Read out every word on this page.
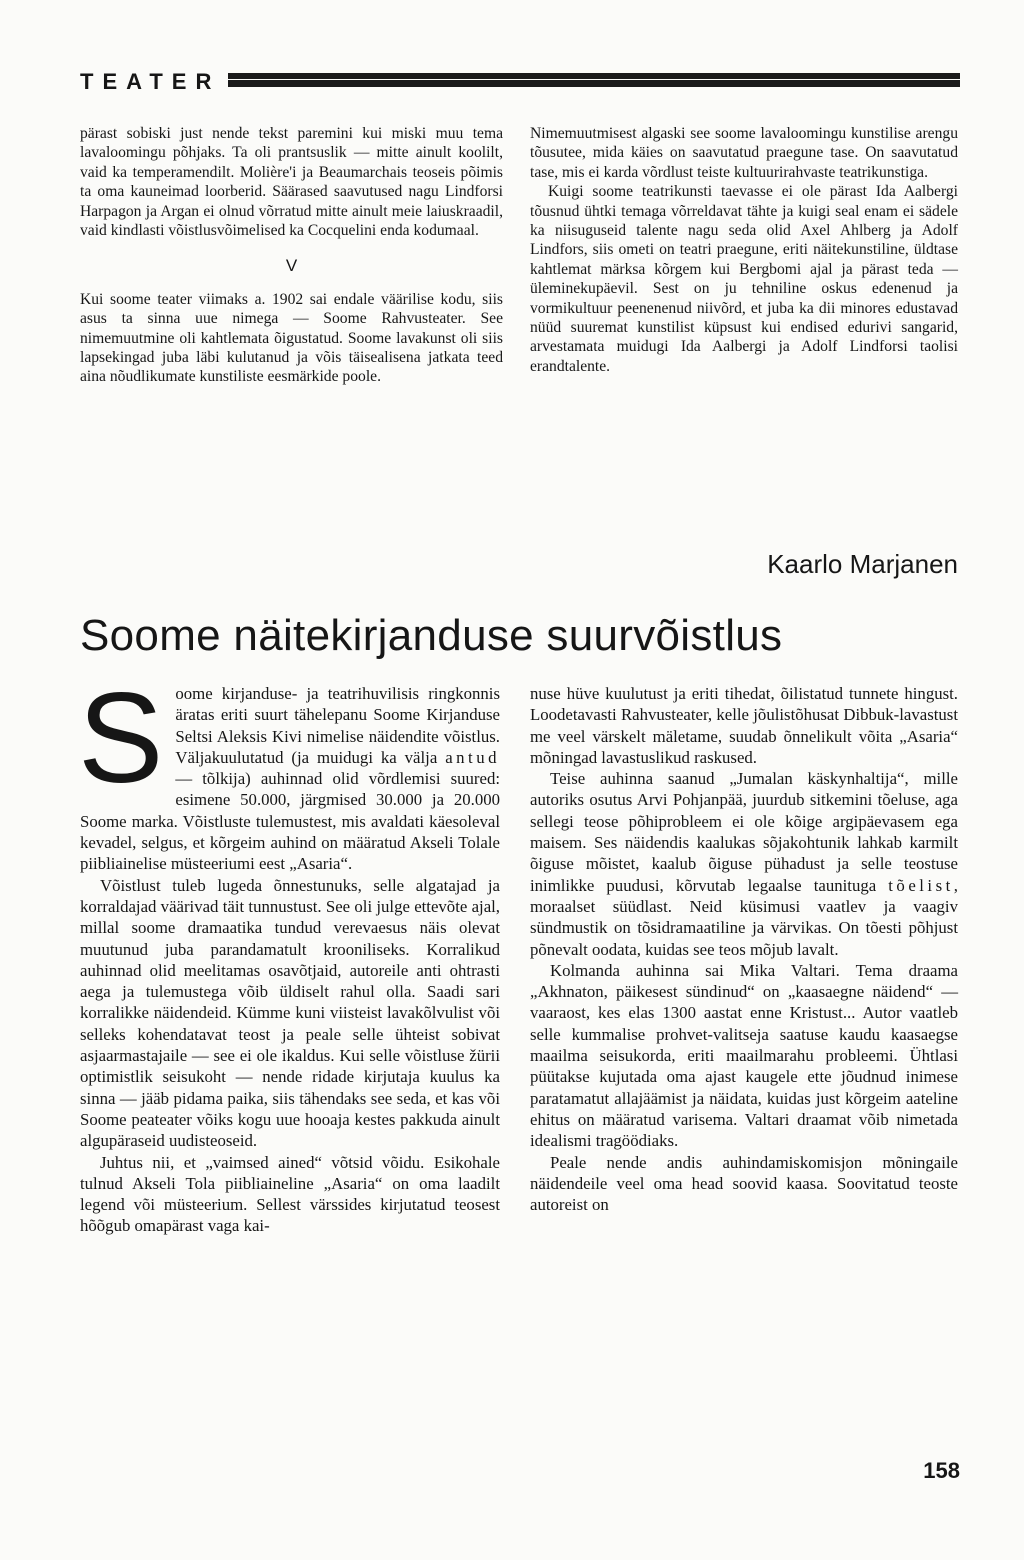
TEATER

pärast sobiski just nende tekst paremini kui miski muu tema lavaloomingu põhjaks. Ta oli prantsuslik — mitte ainult koolilt, vaid ka temperamendilt. Molière'i ja Beaumarchais teoseis põimis ta oma kauneimad loorberid. Säärased saavutused nagu Lindforsi Harpagon ja Argan ei olnud võrratud mitte ainult meie laiuskraadil, vaid kindlasti võistlusvõimelised ka Cocquelini enda kodumaal.

V

Kui soome teater viimaks a. 1902 sai endale väärilise kodu, siis asus ta sinna uue nimega — Soome Rahvusteater. See nimemuutmine oli kahtlemata õigustatud. Soome lavakunst oli siis lapsekingad juba läbi kulutanud ja võis täisealisena jatkata teed aina nõudlikumate kunstiliste eesmärkide poole.

Nimemuutmisest algaski see soome lavaloomingu kunstilise arengu tõusutee, mida käies on saavutatud praegune tase. On saavutatud tase, mis ei karda võrdlust teiste kultuurirahvaste teatrikunstiga.

Kuigi soome teatrikunsti taevasse ei ole pärast Ida Aalbergi tõusnud ühtki temaga võrreldavat tähte ja kuigi seal enam ei sädele ka niisuguseid talente nagu seda olid Axel Ahlberg ja Adolf Lindfors, siis ometi on teatri praegune, eriti näitekunstiline, üldtase kahtlemat märksa kõrgem kui Bergbomi ajal ja pärast teda — üleminekupäevil. Sest on ju tehniline oskus edenenud ja vormikultuur peenenenud niivõrd, et juba ka dii minores edustavad nüüd suuremat kunstilist küpsust kui endised edurivi sangarid, arvestamata muidugi Ida Aalbergi ja Adolf Lindforsi taolisi erandtalente.

Kaarlo Marjanen
Soome näitekirjanduse suurvõistlus

Soome kirjanduse- ja teatrihuvilisis ringkonnis äratas eriti suurt tähelepanu Soome Kirjanduse Seltsi Aleksis Kivi nimelise näidendite võistlus. Väljakuulutatud (ja muidugi ka välja antud — tõlkija) auhinnad olid võrdlemisi suured: esimene 50.000, järgmised 30.000 ja 20.000 Soome marka. Võistluste tulemustest, mis avaldati käesoleval kevadel, selgus, et kõrgeim auhind on määratud Akseli Tolale piibliainelise müsteeriumi eest „Asaria“.

Võistlust tuleb lugeda õnnestunuks, selle algatajad ja korraldajad väärivad täit tunnustust. See oli julge ettevõte ajal, millal soome dramaatika tundud verevaesus näis olevat muutunud juba parandamatult krooniliseks. Korralikud auhinnad olid meelitamas osavõtjaid, autoreile anti ohtrasti aega ja tulemustega võib üldiselt rahul olla. Saadi sari korralikke näidendeid. Kümme kuni viisteist lavakõlvulist või selleks kohendatavat teost ja peale selle ühteist sobivat asjaarmastajaile — see ei ole ikaldus. Kui selle võistluse žürii optimistlik seisukoht — nende ridade kirjutaja kuulus ka sinna — jääb pidama paika, siis tähendaks see seda, et kas või Soome peateater võiks kogu uue hooaja kestes pakkuda ainult algupäraseid uudisteoseid.

Juhtus nii, et „vaimsed ained“ võtsid võidu. Esikohale tulnud Akseli Tola piibliaineline „Asaria“ on oma laadilt legend või müsteerium. Sellest värssides kirjutatud teosest hõõgub omapärast vaga kai-

nuse hüve kuulutust ja eriti tihedat, õilistatud tunnete hingust. Loodetavasti Rahvusteater, kelle jõulistõhusat Dibbuk-lavastust me veel värskelt mäletame, suudab õnnelikult võita „Asaria“ mõningad lavastuslikud raskused.

Teise auhinna saanud „Jumalan käskynhaltija“, mille autoriks osutus Arvi Pohjanpää, juurdub sitkemini tõeluse, aga sellegi teose põhiprobleem ei ole kõige argipäevasem ega maisem. Ses näidendis kaalukas sõjakohtunik lahkab karmilt õiguse mõistet, kaalub õiguse pühadust ja selle teostuse inimlikke puudusi, kõrvutab legaalse taunituga tõelist, moraalset süüdlast. Neid küsimusi vaatlev ja vaagiv sündmustik on tõsidramaatiline ja värvikas. On tõesti põhjust põnevalt oodata, kuidas see teos mõjub lavalt.

Kolmanda auhinna sai Mika Valtari. Tema draama „Akhnaton, päikesest sündinud“ on „kaasaegne näidend“ — vaaraost, kes elas 1300 aastat enne Kristust... Autor vaatleb selle kummalise prohvet-valitseja saatuse kaudu kaasaegse maailma seisukorda, eriti maailmarahu probleemi. Ühtlasi püütakse kujutada oma ajast kaugele ette jõudnud inimese paratamatut allajäämist ja näidata, kuidas just kõrgeim aateline ehitus on määratud varisema. Valtari draamat võib nimetada idealismi tragöödiaks.

Peale nende andis auhindamiskomisjon mõningaile näidendeile veel oma head soovid kaasa. Soovitatud teoste autoreist on

158
